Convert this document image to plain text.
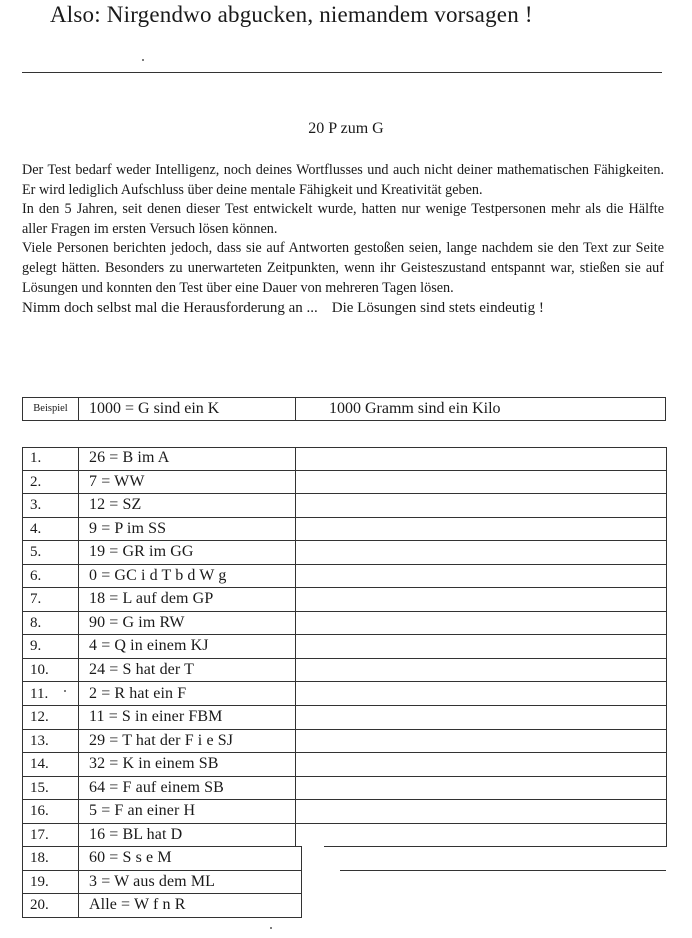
Also: Nirgendwo abgucken, niemandem vorsagen !
20 P zum G

Der Test bedarf weder Intelligenz, noch deines Wortflusses und auch nicht deiner mathematischen Fähigkeiten. Er wird lediglich Aufschluss über deine mentale Fähigkeit und Kreativität geben.

In den 5 Jahren, seit denen dieser Test entwickelt wurde, hatten nur wenige Testpersonen mehr als die Hälfte aller Fragen im ersten Versuch lösen können.

Viele Personen berichten jedoch, dass sie auf Antworten gestoßen seien, lange nachdem sie den Text zur Seite gelegt hätten. Besonders zu unerwarteten Zeitpunkten, wenn ihr Geisteszustand entspannt war, stießen sie auf Lösungen und konnten den Test über eine Dauer von mehreren Tagen lösen.

Nimm doch selbst mal die Herausforderung an ... Die Lösungen sind stets eindeutig !

Beispiel	1000 = G sind ein K	1000 Gramm sind ein Kilo
1.	26 = B im A
2.	7 = WW
3.	12 = SZ
4.	9 = P im SS
5.	19 = GR im GG
6.	0 = GC i d T b d W g
7.	18 = L auf dem GP
8.	90 = G im RW
9.	4 = Q in einem KJ
10.	24 = S hat der T
11.	2 = R hat ein F
12.	11 = S in einer FBM
13.	29 = T hat der F i e SJ
14.	32 = K in einem SB
15.	64 = F auf einem SB
16.	5 = F an einer H
17.	16 = BL hat D
18.	60 = S s e M
19.	3 = W aus dem ML
20.	Alle = W f n R
